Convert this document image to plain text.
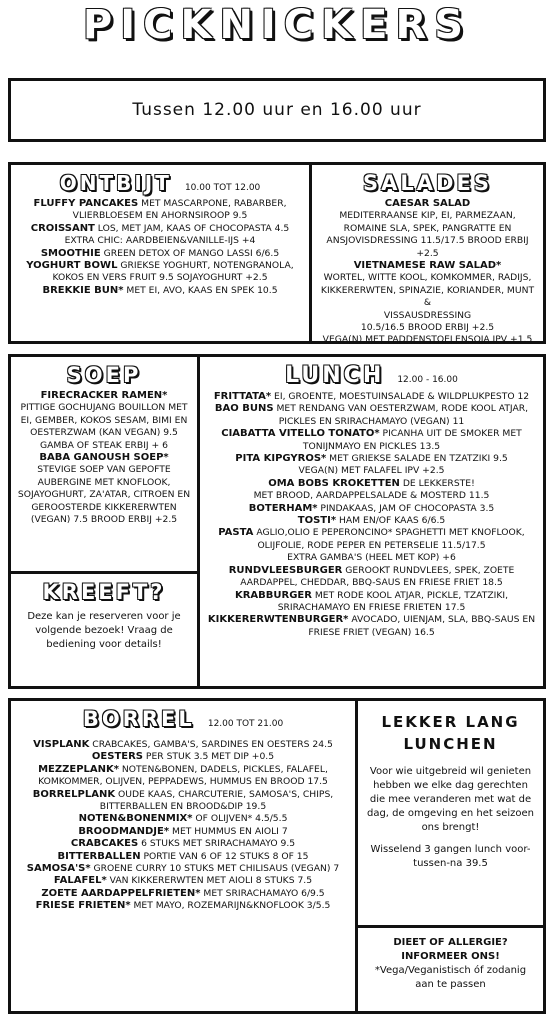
PICKNICKERS
Tussen 12.00 uur en 16.00 uur
ONTBIJT 10.00 TOT 12.00
FLUFFY PANCAKES MET MASCARPONE, RABARBER,
VLIERBLOESEM EN AHORNSIROOP 9.5
CROISSANT LOS, MET JAM, KAAS OF CHOCOPASTA 4.5
EXTRA CHIC: AARDBEIEN&VANILLE-IJS +4
SMOOTHIE GREEN DETOX OF MANGO LASSI 6/6.5
YOGHURT BOWL GRIEKSE YOGHURT, NOTENGRANOLA,
KOKOS EN VERS FRUIT 9.5 SOJAYOGHURT +2.5
BREKKIE BUN* MET EI, AVO, KAAS EN SPEK 10.5
SALADES
CAESAR SALAD
MEDITERRAANSE KIP, EI, PARMEZAAN,
ROMAINE SLA, SPEK, PANGRATTE EN
ANSJOVISDRESSING 11.5/17.5 BROOD ERBIJ +2.5
VIETNAMESE RAW SALAD*
WORTEL, WITTE KOOL, KOMKOMMER, RADIJS,
KIKKERERWTEN, SPINAZIE, KORIANDER, MUNT &
VISSAUSDRESSING
10.5/16.5 BROOD ERBIJ +2.5
VEGA(N) MET PADDENSTOELENSOJA IPV +1.5
SOEP
FIRECRACKER RAMEN*
PITTIGE GOCHUJANG BOUILLON MET
EI, GEMBER, KOKOS SESAM, BIMI EN
OESTERZWAM (KAN VEGAN) 9.5
GAMBA OF STEAK ERBIJ + 6
BABA GANOUSH SOEP*
STEVIGE SOEP VAN GEPOFTE
AUBERGINE MET KNOFLOOK,
SOJAYOGHURT, ZA'ATAR, CITROEN EN
GEROOSTERDE KIKKERERWTEN
(VEGAN) 7.5 BROOD ERBIJ +2.5
KREEFT?
Deze kan je reserveren voor je volgende bezoek! Vraag de bediening voor details!
LUNCH 12.00 - 16.00
FRITTATA* EI, GROENTE, MOESTUINSALADE & WILDPLUKPESTO 12
BAO BUNS MET RENDANG VAN OESTERZWAM, RODE KOOL ATJAR,
PICKLES EN SRIRACHAMAYO (VEGAN) 11
CIABATTA VITELLO TONATO* PICANHA UIT DE SMOKER MET
TONIJNMAYO EN PICKLES 13.5
PITA KIPGYROS* MET GRIEKSE SALADE EN TZATZIKI 9.5
VEGA(N) MET FALAFEL IPV +2.5
OMA BOBS KROKETTEN DE LEKKERSTE!
MET BROOD, AARDAPPELSALADE & MOSTERD 11.5
BOTERHAM* PINDAKAAS, JAM OF CHOCOPASTA 3.5
TOSTI* HAM EN/OF KAAS 6/6.5
PASTA AGLIO,OLIO E PEPERONCINO* SPAGHETTI MET KNOFLOOK,
OLIJFOLIE, RODE PEPER EN PETERSELIE 11.5/17.5
EXTRA GAMBA'S (HEEL MET KOP) +6
RUNDVLEESBURGER GEROOKT RUNDVLEES, SPEK, ZOETE
AARDAPPEL, CHEDDAR, BBQ-SAUS EN FRIESE FRIET 18.5
KRABBURGER MET RODE KOOL ATJAR, PICKLE, TZATZIKI,
SRIRACHAMAYO EN FRIESE FRIETEN 17.5
KIKKERERWTENBURGER* AVOCADO, UIENJAM, SLA, BBQ-SAUS EN
FRIESE FRIET (VEGAN) 16.5
BORREL 12.00 TOT 21.00
VISPLANK CRABCAKES, GAMBA'S, SARDINES EN OESTERS 24.5
OESTERS PER STUK 3.5 MET DIP +0.5
MEZZEPLANK* NOTEN&BONEN, DADELS, PICKLES, FALAFEL,
KOMKOMMER, OLIJVEN, PEPPADEWS, HUMMUS EN BROOD 17.5
BORRELPLANK OUDE KAAS, CHARCUTERIE, SAMOSA'S, CHIPS,
BITTERBALLEN EN BROOD&DIP 19.5
NOTEN&BONENMIX* OF OLIJVEN* 4.5/5.5
BROODMANDJE* MET HUMMUS EN AIOLI 7
CRABCAKES 6 STUKS MET SRIRACHAMAYO 9.5
BITTERBALLEN PORTIE VAN 6 OF 12 STUKS 8 OF 15
SAMOSA'S* GROENE CURRY 10 STUKS MET CHILISAUS (VEGAN) 7
FALAFEL* VAN KIKKERERWTEN MET AIOLI 8 STUKS 7.5
ZOETE AARDAPPELFRIETEN* MET SRIRACHAMAYO 6/9.5
FRIESE FRIETEN* MET MAYO, ROZEMARIJN&KNOFLOOK 3/5.5
LEKKER LANG LUNCHEN
Voor wie uitgebreid wil genieten hebben we elke dag gerechten die mee veranderen met wat de dag, de omgeving en het seizoen ons brengt!
Wisselend 3 gangen lunch voor-tussen-na 39.5
DIEET OF ALLERGIE? INFORMEER ONS!
*Vega/Veganistisch óf zodanig aan te passen
